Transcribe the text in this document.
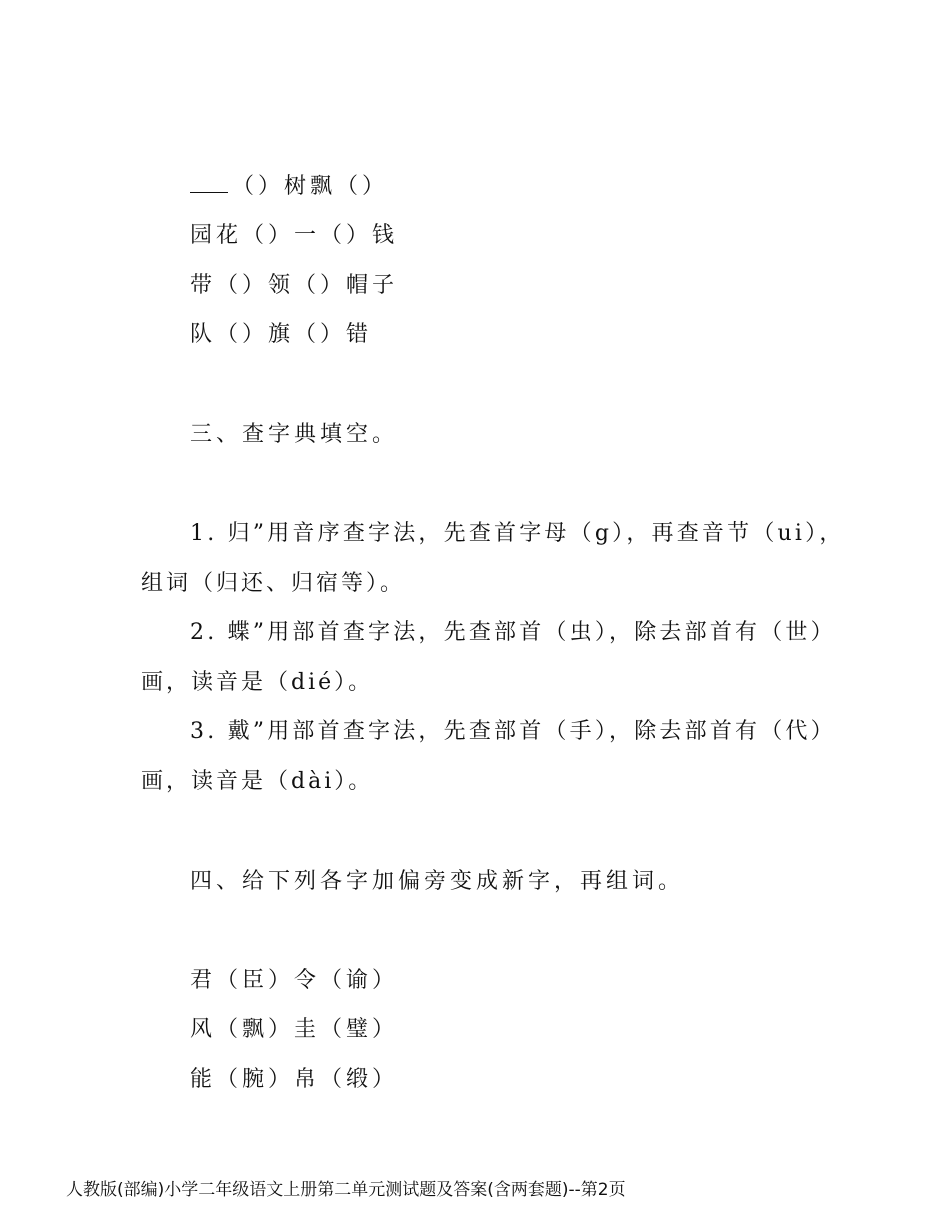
（）树飘（）
园花（）一（）钱
带（）领（）帽子
队（）旗（）错
三、查字典填空。
1. 归”用音序查字法，先查首字母（g），再查音节（ui），
组词（归还、归宿等）。
2. 蝶”用部首查字法，先查部首（虫），除去部首有（世）
画，读音是（dié）。
3. 戴”用部首查字法，先查部首（手），除去部首有（代）
画，读音是（dài）。
四、给下列各字加偏旁变成新字，再组词。
君（臣）令（谕）
风（飘）圭（璧）
能（腕）帛（缎）
人教版(部编)小学二年级语文上册第二单元测试题及答案(含两套题)--第2页
